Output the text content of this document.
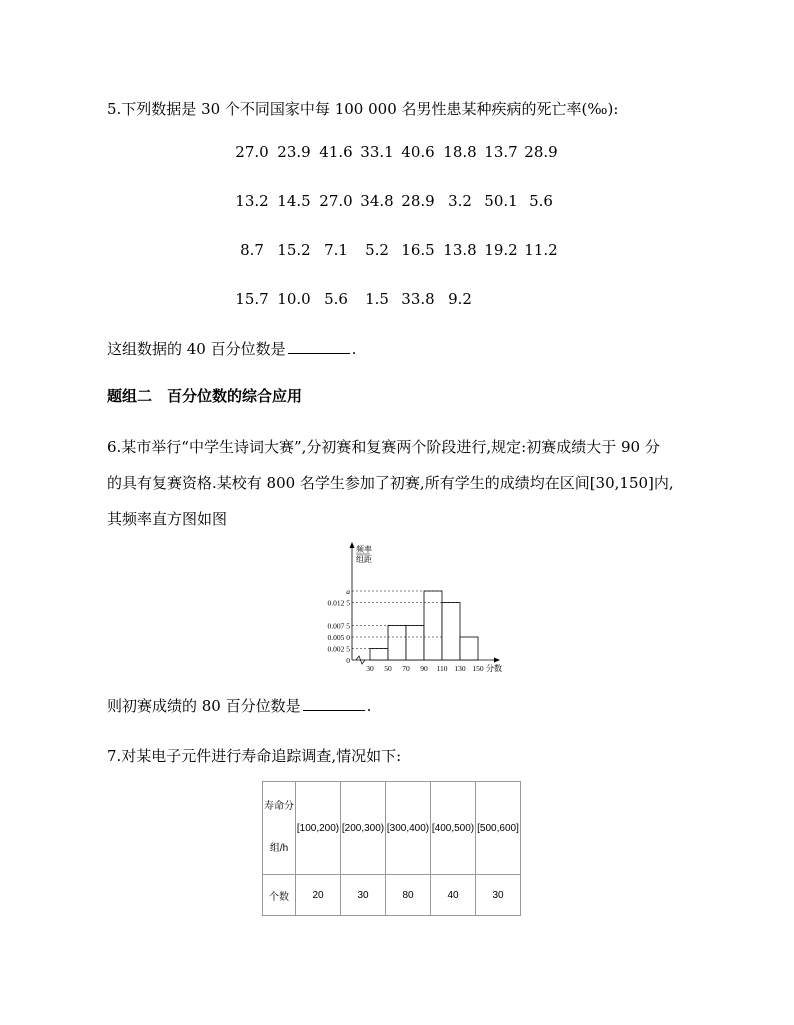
5.下列数据是 30 个不同国家中每 100 000 名男性患某种疾病的死亡率(‰):
27.0 23.9 41.6 33.1 40.6 18.8 13.7 28.9
13.2 14.5 27.0 34.8 28.9 3.2 50.1 5.6
8.7 15.2 7.1	5.2 16.5 13.8 19.2 11.2
15.7 10.0 5.6	1.5 33.8 9.2
这组数据的 40 百分位数是	.
题组二　百分位数的综合应用
6.某市举行“中学生诗词大赛”,分初赛和复赛两个阶段进行,规定:初赛成绩大于 90 分
的具有复赛资格.某校有 800 名学生参加了初赛,所有学生的成绩均在区间[30,150]内,
其频率直方图如图
频率
组距
0
0.002 5
0.005 0
0.007 5
0.012 5
a
30 50 70 90 110 130 150 分数
则初赛成绩的 80 百分位数是	.
7.对某电子元件进行寿命追踪调查,情况如下:
寿命分
组/h	[100,200)	[200,300)	[300,400)	[400,500)	[500,600]
个数	20	30	80	40	30
